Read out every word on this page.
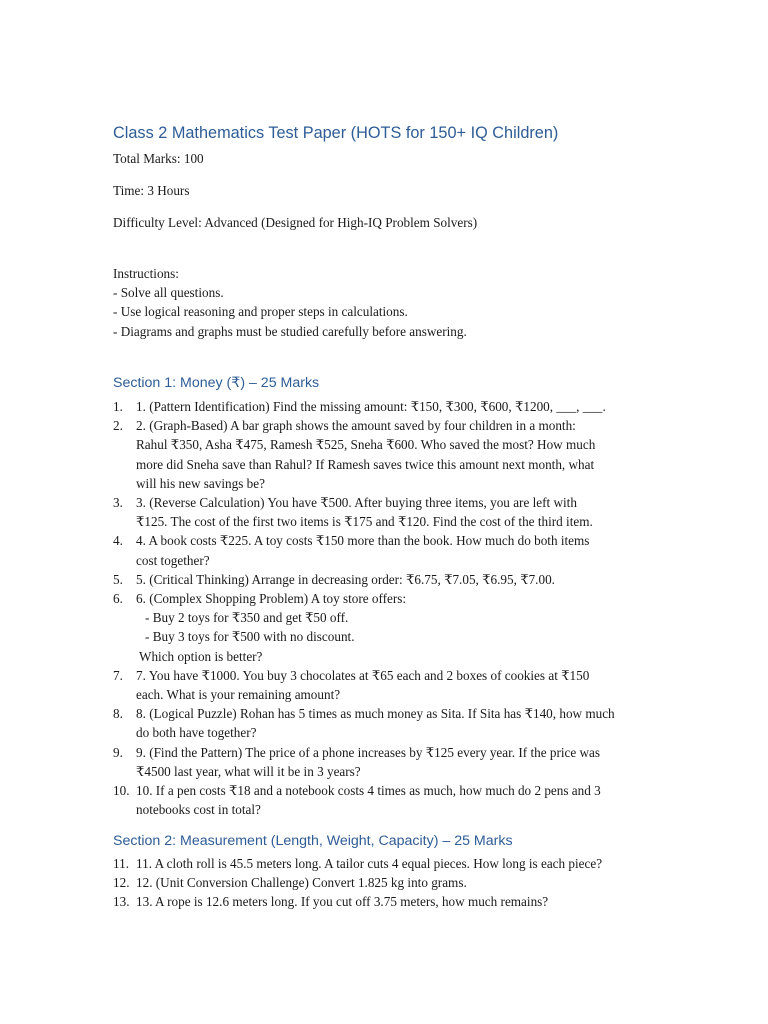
Class 2 Mathematics Test Paper (HOTS for 150+ IQ Children)

Total Marks: 100

Time: 3 Hours

Difficulty Level: Advanced (Designed for High-IQ Problem Solvers)

Instructions:
- Solve all questions.
- Use logical reasoning and proper steps in calculations.
- Diagrams and graphs must be studied carefully before answering.
Section 1: Money (₹) – 25 Marks
1. 1. (Pattern Identification) Find the missing amount: ₹150, ₹300, ₹600, ₹1200, ___, ___.
2. 2. (Graph-Based) A bar graph shows the amount saved by four children in a month:
Rahul ₹350, Asha ₹475, Ramesh ₹525, Sneha ₹600. Who saved the most? How much
more did Sneha save than Rahul? If Ramesh saves twice this amount next month, what
will his new savings be?
3. 3. (Reverse Calculation) You have ₹500. After buying three items, you are left with
₹125. The cost of the first two items is ₹175 and ₹120. Find the cost of the third item.
4. 4. A book costs ₹225. A toy costs ₹150 more than the book. How much do both items
cost together?
5. 5. (Critical Thinking) Arrange in decreasing order: ₹6.75, ₹7.05, ₹6.95, ₹7.00.
6. 6. (Complex Shopping Problem) A toy store offers:
- Buy 2 toys for ₹350 and get ₹50 off.
- Buy 3 toys for ₹500 with no discount.
Which option is better?
7. 7. You have ₹1000. You buy 3 chocolates at ₹65 each and 2 boxes of cookies at ₹150
each. What is your remaining amount?
8. 8. (Logical Puzzle) Rohan has 5 times as much money as Sita. If Sita has ₹140, how much
do both have together?
9. 9. (Find the Pattern) The price of a phone increases by ₹125 every year. If the price was
₹4500 last year, what will it be in 3 years?
10. 10. If a pen costs ₹18 and a notebook costs 4 times as much, how much do 2 pens and 3
notebooks cost in total?
Section 2: Measurement (Length, Weight, Capacity) – 25 Marks
11. 11. A cloth roll is 45.5 meters long. A tailor cuts 4 equal pieces. How long is each piece?
12. 12. (Unit Conversion Challenge) Convert 1.825 kg into grams.
13. 13. A rope is 12.6 meters long. If you cut off 3.75 meters, how much remains?
